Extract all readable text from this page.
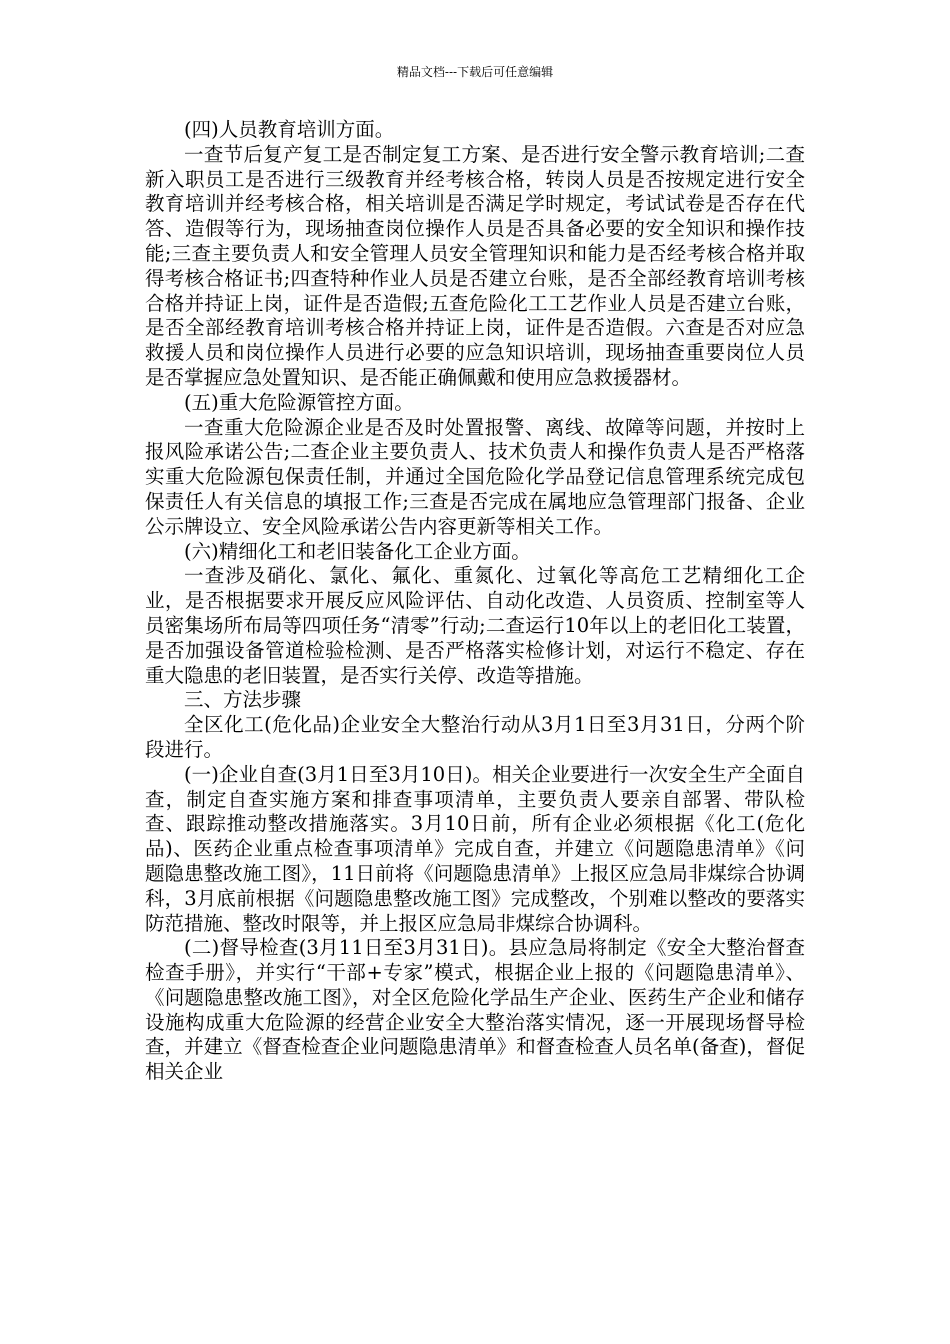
精品文档---下载后可任意编辑

(四)人员教育培训方面。

一查节后复产复工是否制定复工方案、是否进行安全警示教育培训;二查新入职员工是否进行三级教育并经考核合格，转岗人员是否按规定进行安全教育培训并经考核合格，相关培训是否满足学时规定，考试试卷是否存在代答、造假等行为，现场抽查岗位操作人员是否具备必要的安全知识和操作技能;三查主要负责人和安全管理人员安全管理知识和能力是否经考核合格并取得考核合格证书;四查特种作业人员是否建立台账，是否全部经教育培训考核合格并持证上岗，证件是否造假;五查危险化工工艺作业人员是否建立台账，是否全部经教育培训考核合格并持证上岗，证件是否造假。六查是否对应急救援人员和岗位操作人员进行必要的应急知识培训，现场抽查重要岗位人员是否掌握应急处置知识、是否能正确佩戴和使用应急救援器材。

(五)重大危险源管控方面。

一查重大危险源企业是否及时处置报警、离线、故障等问题，并按时上报风险承诺公告;二查企业主要负责人、技术负责人和操作负责人是否严格落实重大危险源包保责任制，并通过全国危险化学品登记信息管理系统完成包保责任人有关信息的填报工作;三查是否完成在属地应急管理部门报备、企业公示牌设立、安全风险承诺公告内容更新等相关工作。

(六)精细化工和老旧装备化工企业方面。

一查涉及硝化、氯化、氟化、重氮化、过氧化等高危工艺精细化工企业，是否根据要求开展反应风险评估、自动化改造、人员资质、控制室等人员密集场所布局等四项任务“清零”行动;二查运行10年以上的老旧化工装置，是否加强设备管道检验检测、是否严格落实检修计划，对运行不稳定、存在重大隐患的老旧装置，是否实行关停、改造等措施。

三、方法步骤

全区化工(危化品)企业安全大整治行动从3月1日至3月31日，分两个阶段进行。

(一)企业自查(3月1日至3月10日)。相关企业要进行一次安全生产全面自查，制定自查实施方案和排查事项清单，主要负责人要亲自部署、带队检查、跟踪推动整改措施落实。3月10日前，所有企业必须根据《化工(危化品)、医药企业重点检查事项清单》完成自查，并建立《问题隐患清单》《问题隐患整改施工图》，11日前将《问题隐患清单》上报区应急局非煤综合协调科，3月底前根据《问题隐患整改施工图》完成整改，个别难以整改的要落实防范措施、整改时限等，并上报区应急局非煤综合协调科。

(二)督导检查(3月11日至3月31日)。县应急局将制定《安全大整治督查检查手册》，并实行“干部+专家”模式，根据企业上报的《问题隐患清单》、《问题隐患整改施工图》，对全区危险化学品生产企业、医药生产企业和储存设施构成重大危险源的经营企业安全大整治落实情况，逐一开展现场督导检查，并建立《督查检查企业问题隐患清单》和督查检查人员名单(备查)，督促相关企业
